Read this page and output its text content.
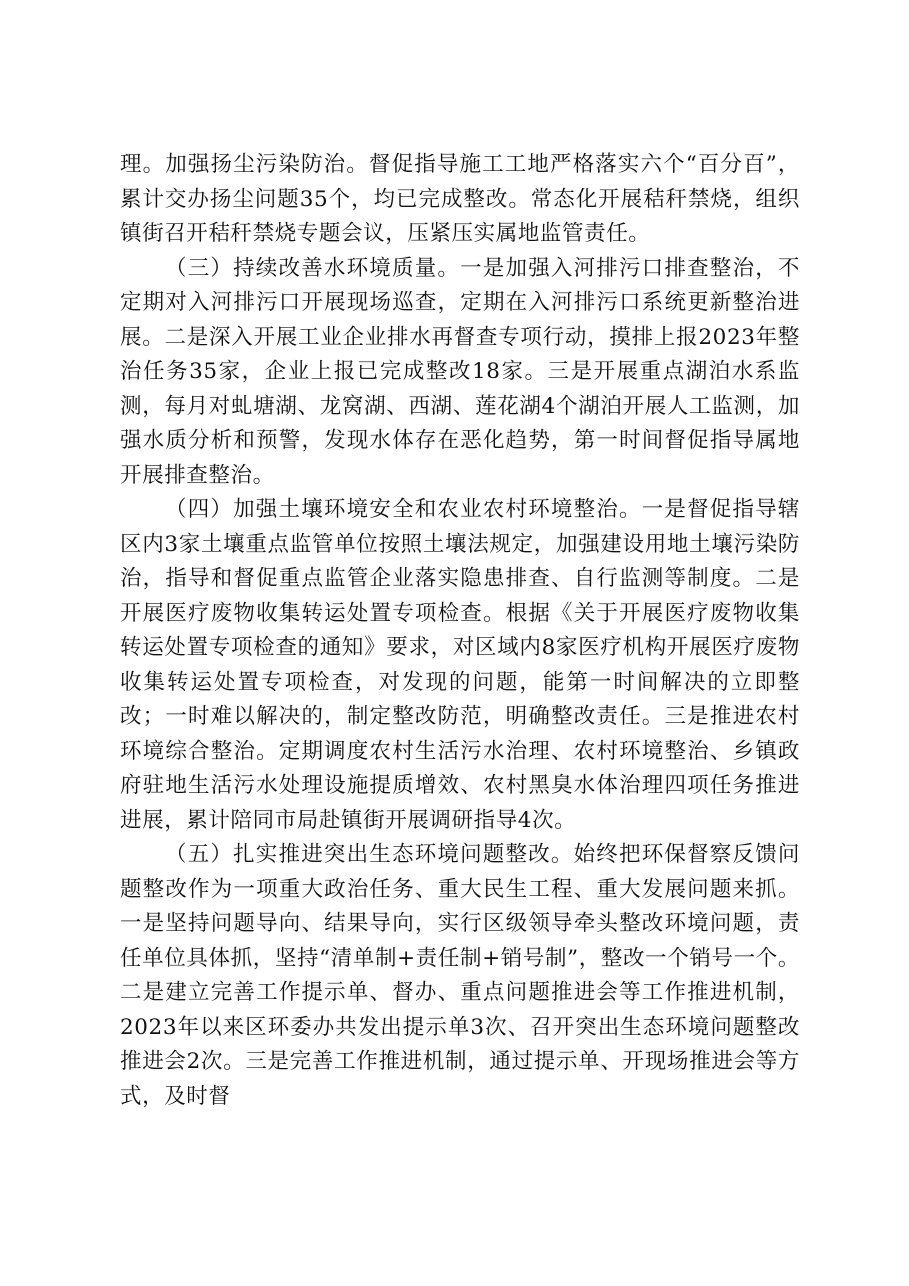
理。加强扬尘污染防治。督促指导施工工地严格落实六个“百分百”，累计交办扬尘问题35个，均已完成整改。常态化开展秸秆禁烧，组织镇街召开秸秆禁烧专题会议，压紧压实属地监管责任。

（三）持续改善水环境质量。一是加强入河排污口排查整治，不定期对入河排污口开展现场巡查，定期在入河排污口系统更新整治进展。二是深入开展工业企业排水再督查专项行动，摸排上报2023年整治任务35家，企业上报已完成整改18家。三是开展重点湖泊水系监测，每月对虬塘湖、龙窝湖、西湖、莲花湖4个湖泊开展人工监测，加强水质分析和预警，发现水体存在恶化趋势，第一时间督促指导属地开展排查整治。

（四）加强土壤环境安全和农业农村环境整治。一是督促指导辖区内3家土壤重点监管单位按照土壤法规定，加强建设用地土壤污染防治，指导和督促重点监管企业落实隐患排查、自行监测等制度。二是开展医疗废物收集转运处置专项检查。根据《关于开展医疗废物收集转运处置专项检查的通知》要求，对区域内8家医疗机构开展医疗废物收集转运处置专项检查，对发现的问题，能第一时间解决的立即整改；一时难以解决的，制定整改防范，明确整改责任。三是推进农村环境综合整治。定期调度农村生活污水治理、农村环境整治、乡镇政府驻地生活污水处理设施提质增效、农村黑臭水体治理四项任务推进进展，累计陪同市局赴镇街开展调研指导4次。

（五）扎实推进突出生态环境问题整改。始终把环保督察反馈问题整改作为一项重大政治任务、重大民生工程、重大发展问题来抓。一是坚持问题导向、结果导向，实行区级领导牵头整改环境问题，责任单位具体抓，坚持“清单制+责任制+销号制”，整改一个销号一个。二是建立完善工作提示单、督办、重点问题推进会等工作推进机制，2023年以来区环委办共发出提示单3次、召开突出生态环境问题整改推进会2次。三是完善工作推进机制，通过提示单、开现场推进会等方式，及时督
